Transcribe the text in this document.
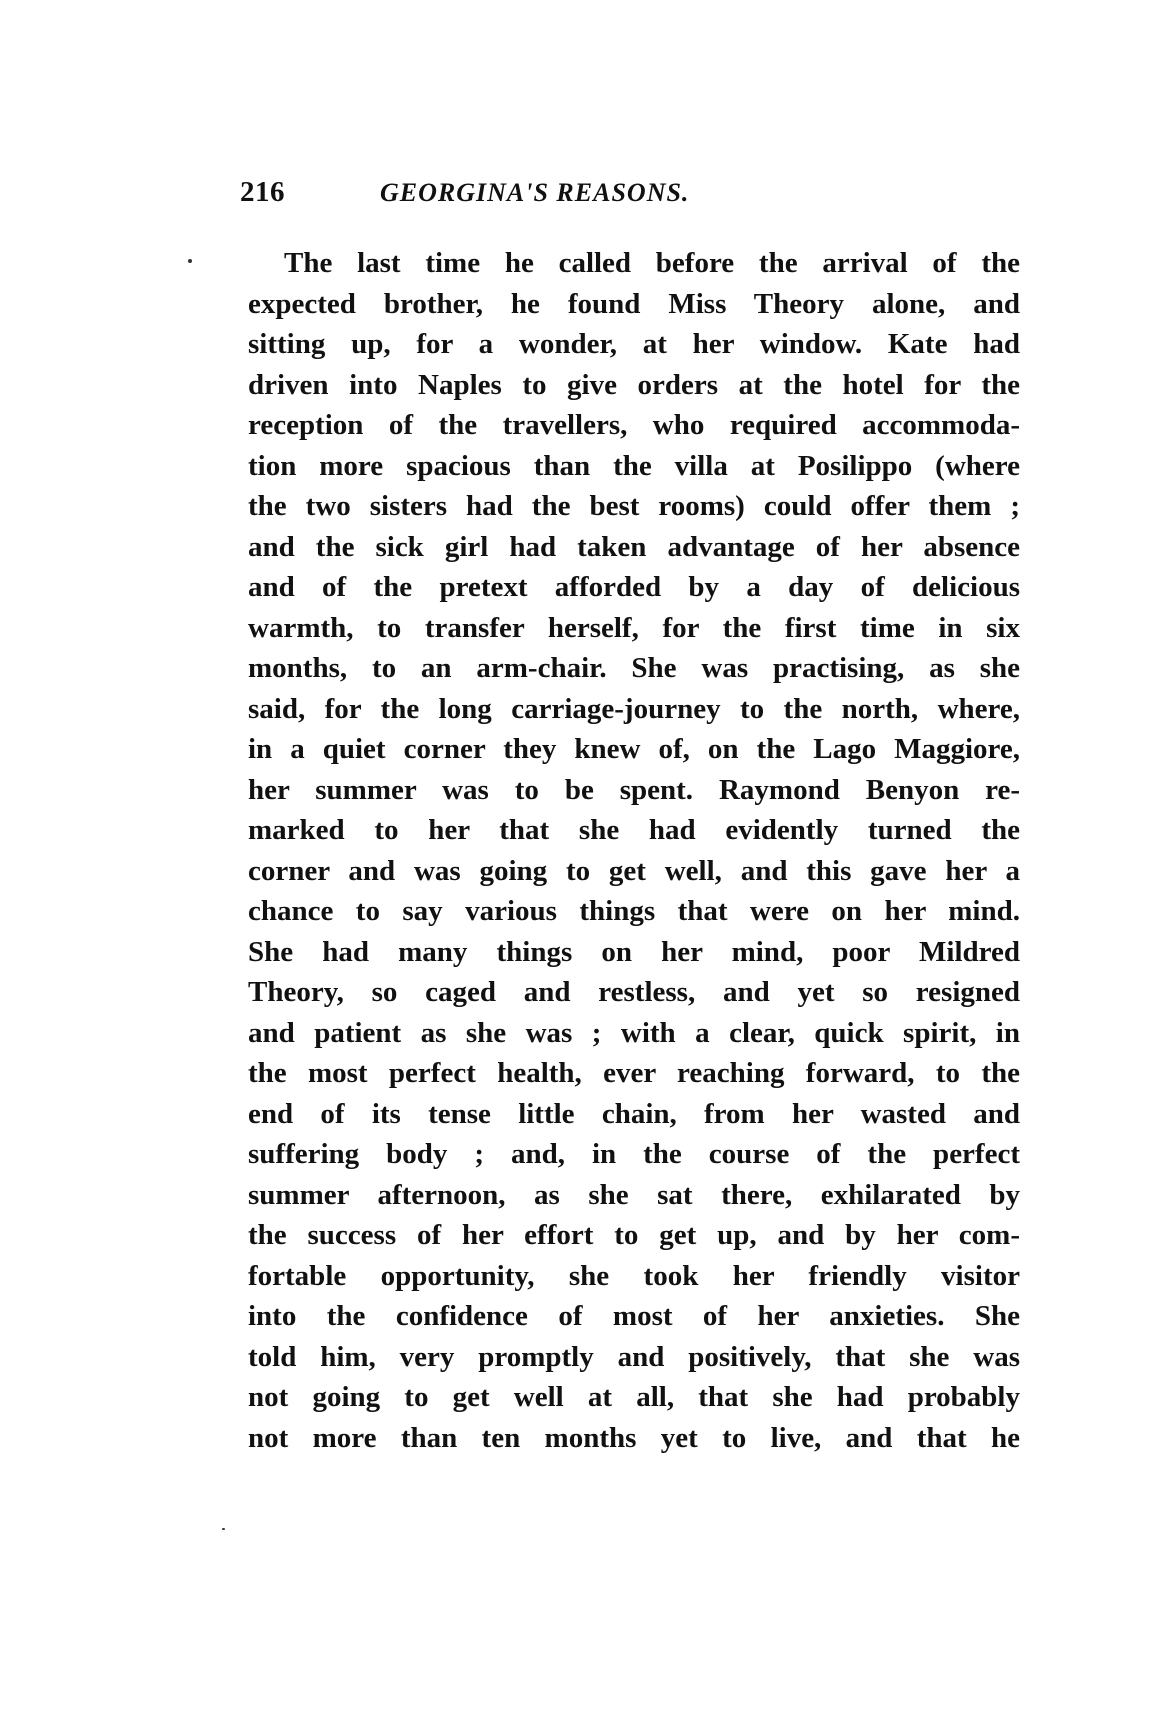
216	GEORGINA'S REASONS.
The last time he called before the arrival of the
expected brother, he found Miss Theory alone, and
sitting up, for a wonder, at her window. Kate had
driven into Naples to give orders at the hotel for the
reception of the travellers, who required accommoda-
tion more spacious than the villa at Posilippo (where
the two sisters had the best rooms) could offer them ;
and the sick girl had taken advantage of her absence
and of the pretext afforded by a day of delicious
warmth, to transfer herself, for the first time in six
months, to an arm-chair. She was practising, as she
said, for the long carriage-journey to the north, where,
in a quiet corner they knew of, on the Lago Maggiore,
her summer was to be spent. Raymond Benyon re-
marked to her that she had evidently turned the
corner and was going to get well, and this gave her a
chance to say various things that were on her mind.
She had many things on her mind, poor Mildred
Theory, so caged and restless, and yet so resigned
and patient as she was ; with a clear, quick spirit, in
the most perfect health, ever reaching forward, to the
end of its tense little chain, from her wasted and
suffering body ; and, in the course of the perfect
summer afternoon, as she sat there, exhilarated by
the success of her effort to get up, and by her com-
fortable opportunity, she took her friendly visitor
into the confidence of most of her anxieties. She
told him, very promptly and positively, that she was
not going to get well at all, that she had probably
not more than ten months yet to live, and that he
